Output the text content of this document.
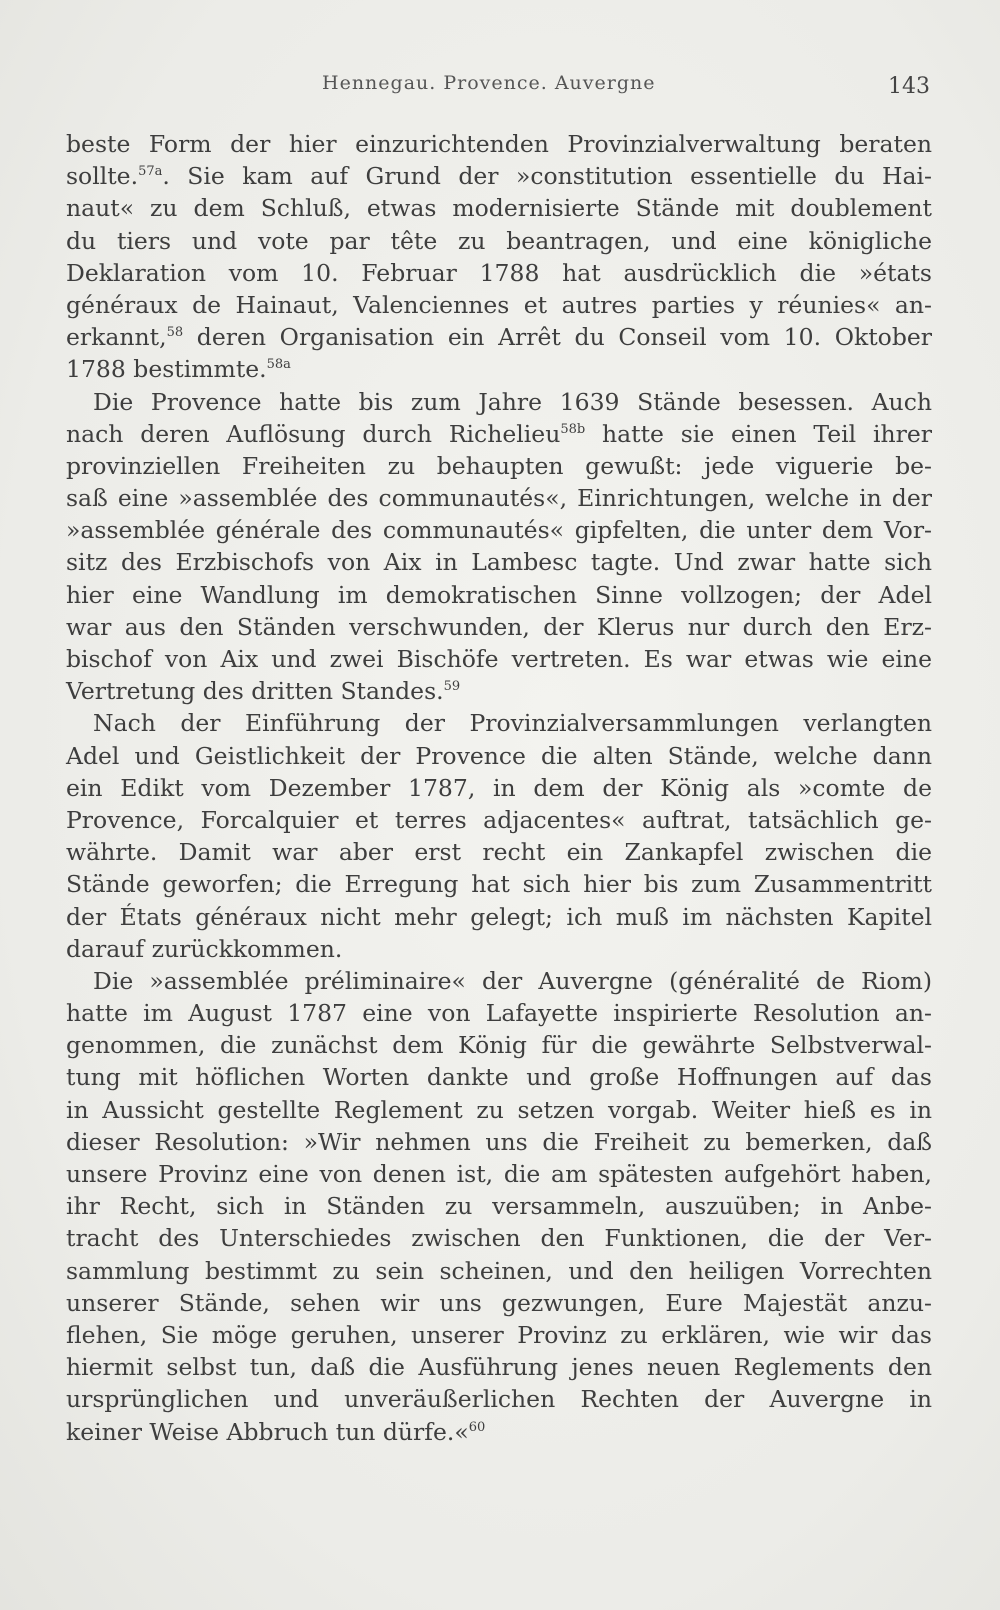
Hennegau. Provence. Auvergne	143
beste Form der hier einzurichtenden Provinzialverwaltung beraten
sollte.$^{57a}$. Sie kam auf Grund der »constitution essentielle du Hai-
naut« zu dem Schluß, etwas modernisierte Stände mit doublement
du tiers und vote par tête zu beantragen, und eine königliche
Deklaration vom 10. Februar 1788 hat ausdrücklich die »états
généraux de Hainaut, Valenciennes et autres parties y réunies« an-
erkannt,$^{58}$ deren Organisation ein Arrêt du Conseil vom 10. Oktober
1788 bestimmte.$^{58a}$
Die Provence hatte bis zum Jahre 1639 Stände besessen. Auch
nach deren Auflösung durch Richelieu$^{58b}$ hatte sie einen Teil ihrer
provinziellen Freiheiten zu behaupten gewußt: jede viguerie be-
saß eine »assemblée des communautés«, Einrichtungen, welche in der
»assemblée générale des communautés« gipfelten, die unter dem Vor-
sitz des Erzbischofs von Aix in Lambesc tagte. Und zwar hatte sich
hier eine Wandlung im demokratischen Sinne vollzogen; der Adel
war aus den Ständen verschwunden, der Klerus nur durch den Erz-
bischof von Aix und zwei Bischöfe vertreten. Es war etwas wie eine
Vertretung des dritten Standes.$^{59}$
Nach der Einführung der Provinzialversammlungen verlangten
Adel und Geistlichkeit der Provence die alten Stände, welche dann
ein Edikt vom Dezember 1787, in dem der König als »comte de
Provence, Forcalquier et terres adjacentes« auftrat, tatsächlich ge-
währte. Damit war aber erst recht ein Zankapfel zwischen die
Stände geworfen; die Erregung hat sich hier bis zum Zusammentritt
der États généraux nicht mehr gelegt; ich muß im nächsten Kapitel
darauf zurückkommen.
Die »assemblée préliminaire« der Auvergne (généralité de Riom)
hatte im August 1787 eine von Lafayette inspirierte Resolution an-
genommen, die zunächst dem König für die gewährte Selbstverwal-
tung mit höflichen Worten dankte und große Hoffnungen auf das
in Aussicht gestellte Reglement zu setzen vorgab. Weiter hieß es in
dieser Resolution: »Wir nehmen uns die Freiheit zu bemerken, daß
unsere Provinz eine von denen ist, die am spätesten aufgehört haben,
ihr Recht, sich in Ständen zu versammeln, auszuüben; in Anbe-
tracht des Unterschiedes zwischen den Funktionen, die der Ver-
sammlung bestimmt zu sein scheinen, und den heiligen Vorrechten
unserer Stände, sehen wir uns gezwungen, Eure Majestät anzu-
flehen, Sie möge geruhen, unserer Provinz zu erklären, wie wir das
hiermit selbst tun, daß die Ausführung jenes neuen Reglements den
ursprünglichen und unveräußerlichen Rechten der Auvergne in
keiner Weise Abbruch tun dürfe.«$^{60}$
